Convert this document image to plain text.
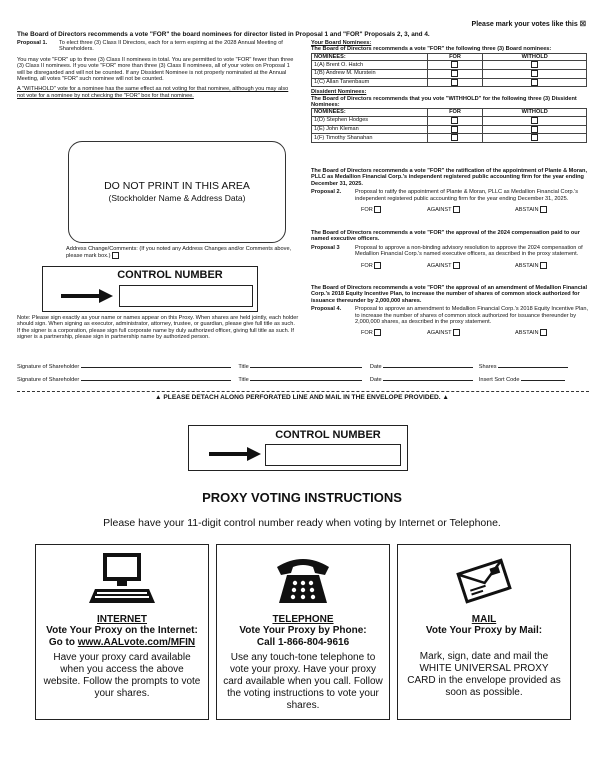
Please mark your votes like this ☒
The Board of Directors recommends a vote "FOR" the board nominees for director listed in Proposal 1 and "FOR" Proposals 2, 3, and 4.
Proposal 1.	To elect three (3) Class II Directors, each for a term expiring at the 2028 Annual Meeting of Shareholders.
You may vote "FOR" up to three (3) Class II nominees in total. You are permitted to vote "FOR" fewer than three (3) Class II nominees. If you vote "FOR" more than three (3) Class II nominees, all of your votes on Proposal 1 will be disregarded and will not be counted. If any Dissident Nominee is not properly nominated at the Annual Meeting, all votes "FOR" such nominee will not be counted.
A "WITHHOLD" vote for a nominee has the same effect as not voting for that nominee, although you may also not vote for a nominee by not checking the "FOR" box for that nominee.
DO NOT PRINT IN THIS AREA
(Stockholder Name & Address Data)
Address Change/Comments: (If you noted any Address Changes and/or Comments above, please mark box.)
CONTROL NUMBER
Note: Please sign exactly as your name or names appear on this Proxy. When shares are held jointly, each holder should sign. When signing as executor, administrator, attorney, trustee, or guardian, please give full title as such. If the signer is a corporation, please sign full corporate name by duly authorized officer, giving full title as such. If signer is a partnership, please sign in partnership name by authorized person.
Your Board Nominees:
The Board of Directors recommends a vote "FOR" the following three (3) Board nominees:
NOMINEES:	FOR	WITHOLD
1(A) Brent O. Hatch		
1(B) Andrew M. Murstein		
1(C) Allan Tanenbaum		
Dissident Nominees:
The Board of Directors recommends that you vote "WITHHOLD" for the following three (3) Dissident Nominees:
NOMINEES:	FOR	WITHOLD
1(D) Stephen Hodges		
1(E) John Kleman		
1(F) Timothy Shanahan		
The Board of Directors recommends a vote "FOR" the ratification of the appointment of Plante & Moran, PLLC as Medallion Financial Corp.'s independent registered public accounting firm for the year ending December 31, 2025.
Proposal 2.	Proposal to ratify the appointment of Plante & Moran, PLLC as Medallion Financial Corp.'s independent registered public accounting firm for the year ending December 31, 2025.
FOR	AGAINST	ABSTAIN
The Board of Directors recommends a vote "FOR" the approval of the 2024 compensation paid to our named executive officers.
Proposal 3	Proposal to approve a non-binding advisory resolution to approve the 2024 compensation of Medallion Financial Corp.'s named executive officers, as described in the proxy statement.
FOR	AGAINST	ABSTAIN
The Board of Directors recommends a vote "FOR" the approval of an amendment of Medallion Financial Corp.'s 2018 Equity Incentive Plan, to increase the number of shares of common stock authorized for issuance thereunder by 2,000,000 shares.
Proposal 4.	Proposal to approve an amendment to Medallion Financial Corp.'s 2018 Equity Incentive Plan, to increase the number of shares of common stock authorized for issuance thereunder by 2,000,000 shares, as described in the proxy statement.
FOR	AGAINST	ABSTAIN
Signature of Shareholder	Title	Date	Shares
Signature of Shareholder	Title	Date	Insert Sort Code
▲ PLEASE DETACH ALONG PERFORATED LINE AND MAIL IN THE ENVELOPE PROVIDED. ▲
CONTROL NUMBER
PROXY VOTING INSTRUCTIONS
Please have your 11-digit control number ready when voting by Internet or Telephone.
INTERNET
Vote Your Proxy on the Internet:
Go to www.AALvote.com/MFIN
Have your proxy card available when you access the above website. Follow the prompts to vote your shares.
TELEPHONE
Vote Your Proxy by Phone:
Call 1-866-804-9616
Use any touch-tone telephone to vote your proxy. Have your proxy card available when you call. Follow the voting instructions to vote your shares.
MAIL
Vote Your Proxy by Mail:
Mark, sign, date and mail the WHITE UNIVERSAL PROXY CARD in the envelope provided as soon as possible.
